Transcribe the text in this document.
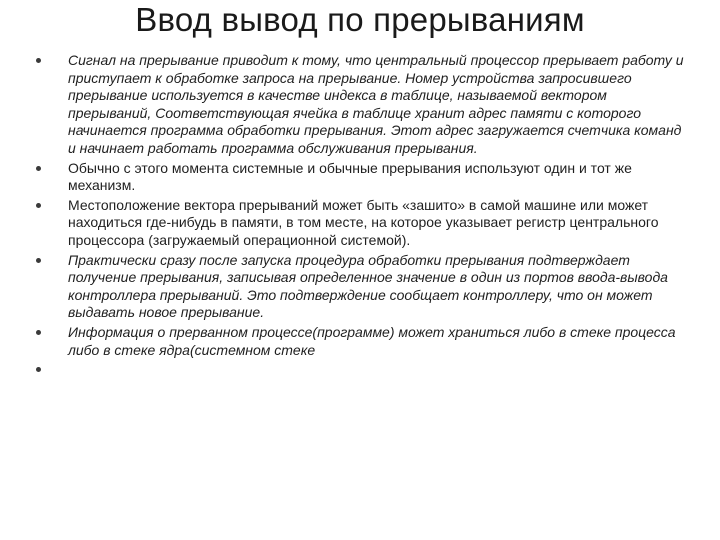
Ввод вывод по прерываниям
Сигнал на прерывание приводит к тому, что центральный процессор прерывает работу и приступает к обработке запроса на прерывание. Номер устройства запросившего прерывание используется в качестве индекса в таблице, называемой вектором прерываний, Соответствующая ячейка в таблице хранит адрес памяти с которого начинается программа обработки прерывания. Этот адрес загружается счетчика команд и начинает работать программа обслуживания прерывания.
Обычно с этого момента системные и обычные прерывания используют один и тот же механизм.
Местоположение вектора прерываний может быть «зашито» в самой машине или может находиться где-нибудь в памяти, в том месте, на которое указывает регистр центрального процессора (загружаемый операционной системой).
Практически сразу после запуска процедура обработки прерывания подтверждает получение прерывания, записывая определенное значение в один из портов ввода-вывода контроллера прерываний. Это подтверждение сообщает контроллеру, что он может выдавать новое прерывание.
Информация о прерванном процессе(программе) может храниться либо в стеке процесса либо в стеке ядра(системном стеке
